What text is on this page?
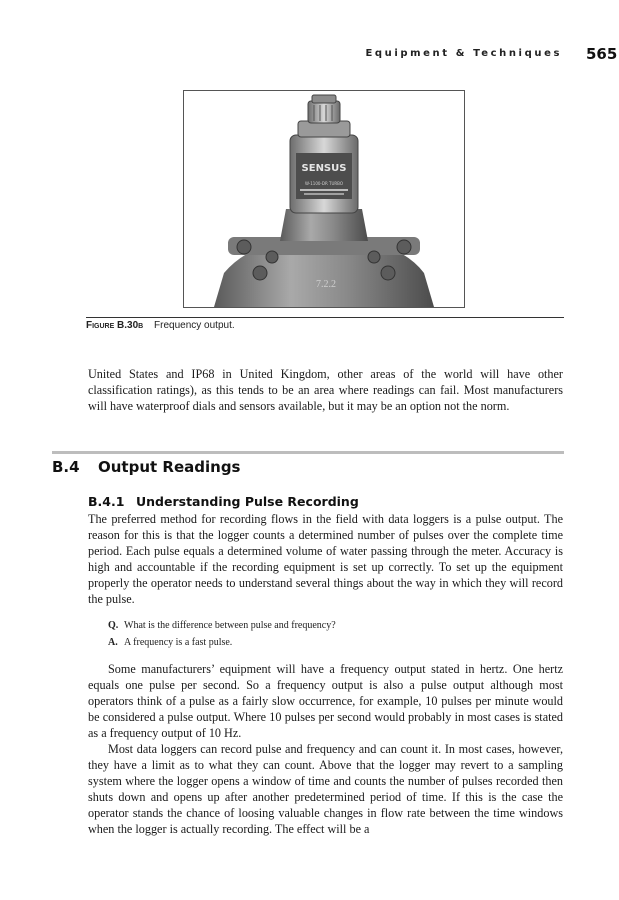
Equipment & Techniques 565
7.2.2
SENSUS
W-1100-DR TURBO
Figure B.30b Frequency output.

United States and IP68 in United Kingdom, other areas of the world will have other classification ratings), as this tends to be an area where readings can fail. Most manufacturers will have waterproof dials and sensors available, but it may be an option not the norm.

B.4 Output Readings
B.4.1 Understanding Pulse Recording

The preferred method for recording flows in the field with data loggers is a pulse output. The reason for this is that the logger counts a determined number of pulses over the complete time period. Each pulse equals a determined volume of water passing through the meter. Accuracy is high and accountable if the recording equipment is set up correctly. To set up the equipment properly the operator needs to understand several things about the way in which they will record the pulse.

Q. What is the difference between pulse and frequency?
A. A frequency is a fast pulse.

Some manufacturers’ equipment will have a frequency output stated in hertz. One hertz equals one pulse per second. So a frequency output is also a pulse output although most operators think of a pulse as a fairly slow occurrence, for example, 10 pulses per minute would be considered a pulse output. Where 10 pulses per second would probably in most cases is stated as a frequency output of 10 Hz.

Most data loggers can record pulse and frequency and can count it. In most cases, however, they have a limit as to what they can count. Above that the logger may revert to a sampling system where the logger opens a window of time and counts the number of pulses recorded then shuts down and opens up after another predetermined period of time. If this is the case the operator stands the chance of loosing valuable changes in flow rate between the time windows when the logger is actually recording. The effect will be a
